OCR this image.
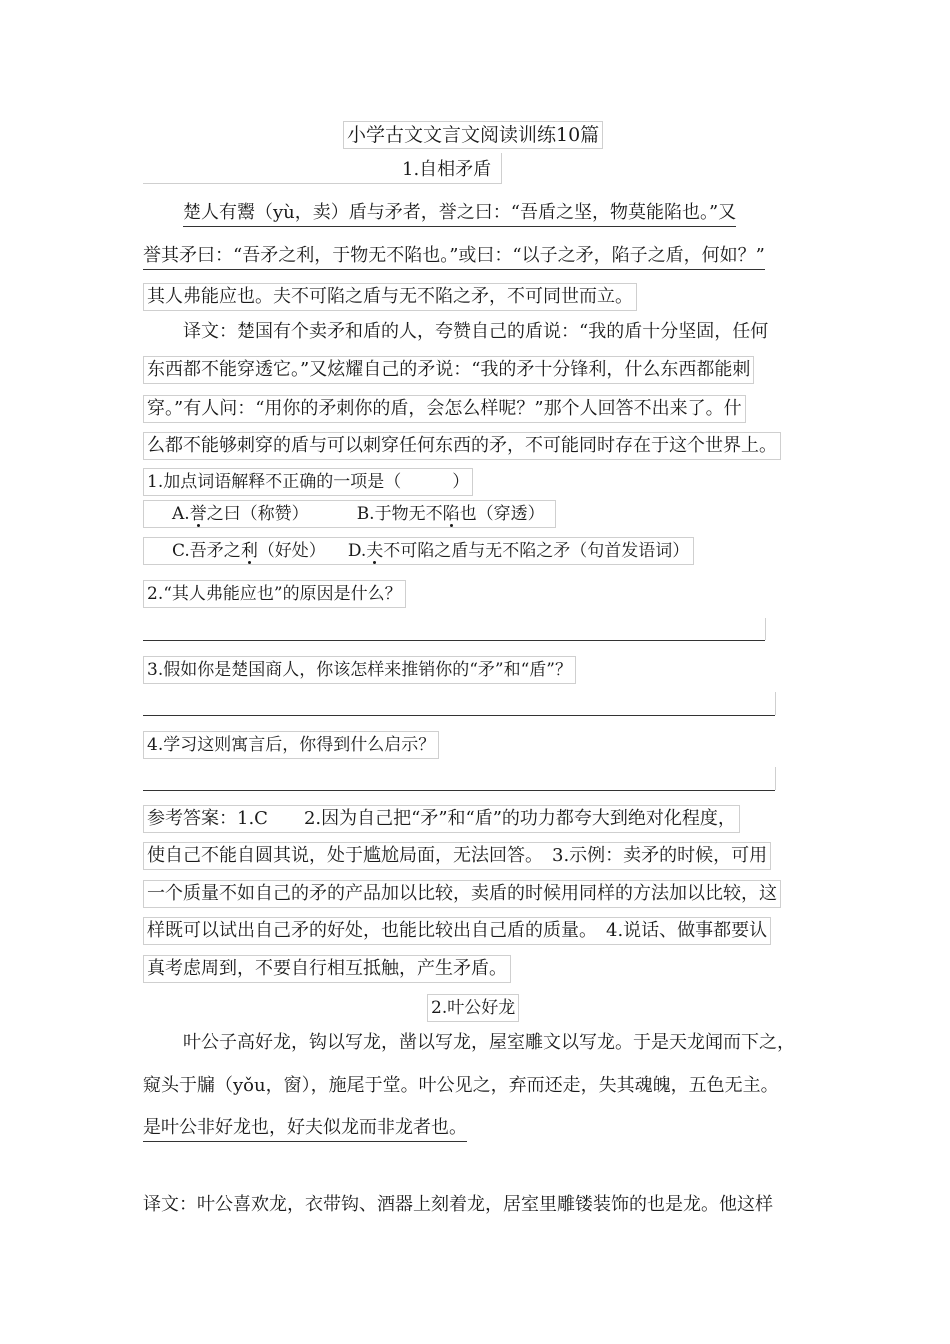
小学古文文言文阅读训练10篇
1.自相矛盾
楚人有鬻（yù，卖）盾与矛者，誉之曰：“吾盾之坚，物莫能陷也。”又
誉其矛曰：“吾矛之利，于物无不陷也。”或曰：“以子之矛，陷子之盾，何如？”
其人弗能应也。夫不可陷之盾与无不陷之矛，不可同世而立。
译文：楚国有个卖矛和盾的人，夸赞自己的盾说：“我的盾十分坚固，任何
东西都不能穿透它。”又炫耀自己的矛说：“我的矛十分锋利，什么东西都能刺
穿。”有人问：“用你的矛刺你的盾，会怎么样呢？”那个人回答不出来了。什
么都不能够刺穿的盾与可以刺穿任何东西的矛，不可能同时存在于这个世界上。
1.加点词语解释不正确的一项是（　　　）
A.誉之曰（称赞）	B.于物无不陷也（穿透）
C.吾矛之利（好处） D.夫不可陷之盾与无不陷之矛（句首发语词）
2.“其人弗能应也”的原因是什么？
3.假如你是楚国商人，你该怎样来推销你的“矛”和“盾”？
4.学习这则寓言后，你得到什么启示？
参考答案：1.C　　2.因为自己把“矛”和“盾”的功力都夸大到绝对化程度，
使自己不能自圆其说，处于尴尬局面，无法回答。　3.示例：卖矛的时候，可用
一个质量不如自己的矛的产品加以比较，卖盾的时候用同样的方法加以比较，这
样既可以试出自己矛的好处，也能比较出自己盾的质量。　4.说话、做事都要认
真考虑周到，不要自行相互抵触，产生矛盾。
2.叶公好龙
叶公子高好龙，钩以写龙，凿以写龙，屋室雕文以写龙。于是天龙闻而下之，
窥头于牖（yǒu，窗），施尾于堂。叶公见之，弃而还走，失其魂魄，五色无主。
是叶公非好龙也，好夫似龙而非龙者也。
译文：叶公喜欢龙，衣带钩、酒器上刻着龙，居室里雕镂装饰的也是龙。他这样
